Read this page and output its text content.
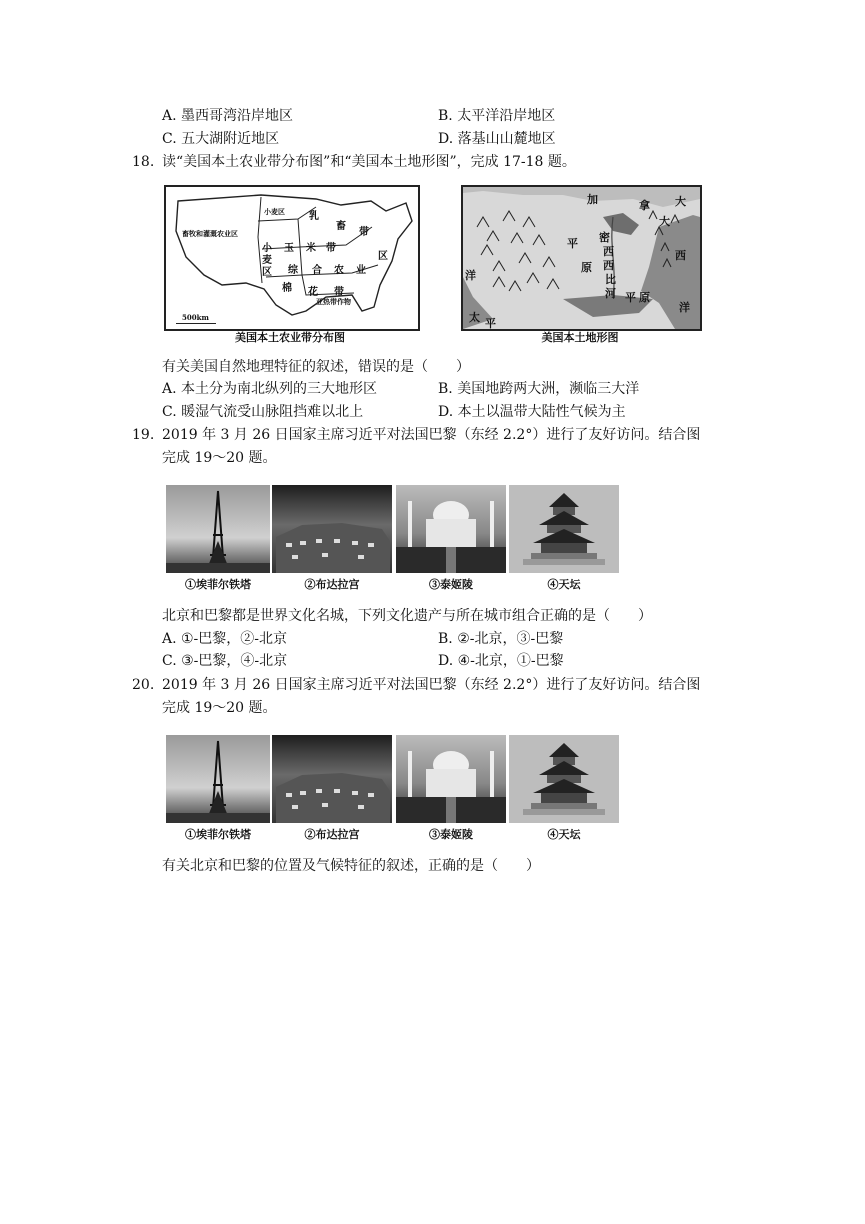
A. 墨西哥湾沿岸地区	B. 太平洋沿岸地区
C. 五大湖附近地区	D. 落基山山麓地区
18. 读“美国本土农业带分布图”和“美国本土地形图”，完成 17-18 题。
畜牧和灌溉农业区
小麦区 乳
畜
带
小
麦
区
玉 米 带
综 合 农 业
区
棉 花 带
亚热带作物
500km
美国本土农业带分布图
加	拿 大
大
西
洋
平
原
密
西
西
比
河 平 原
太 平
洋
美国本土地形图
有关美国自然地理特征的叙述，错误的是（　　）
A. 本土分为南北纵列的三大地形区	B. 美国地跨两大洲，濒临三大洋
C. 暖湿气流受山脉阻挡难以北上	D. 本土以温带大陆性气候为主
19. 2019 年 3 月 26 日国家主席习近平对法国巴黎（东经 2.2°）进行了友好访问。结合图
完成 19～20 题。
①埃菲尔铁塔	②布达拉宫	③泰姬陵	④天坛
北京和巴黎都是世界文化名城，下列文化遗产与所在城市组合正确的是（　　）
A. ①-巴黎，②-北京	B. ②-北京，③-巴黎
C. ③-巴黎，④-北京	D. ④-北京，①-巴黎
20. 2019 年 3 月 26 日国家主席习近平对法国巴黎（东经 2.2°）进行了友好访问。结合图
完成 19～20 题。
①埃菲尔铁塔	②布达拉宫	③泰姬陵	④天坛
有关北京和巴黎的位置及气候特征的叙述，正确的是（　　）
